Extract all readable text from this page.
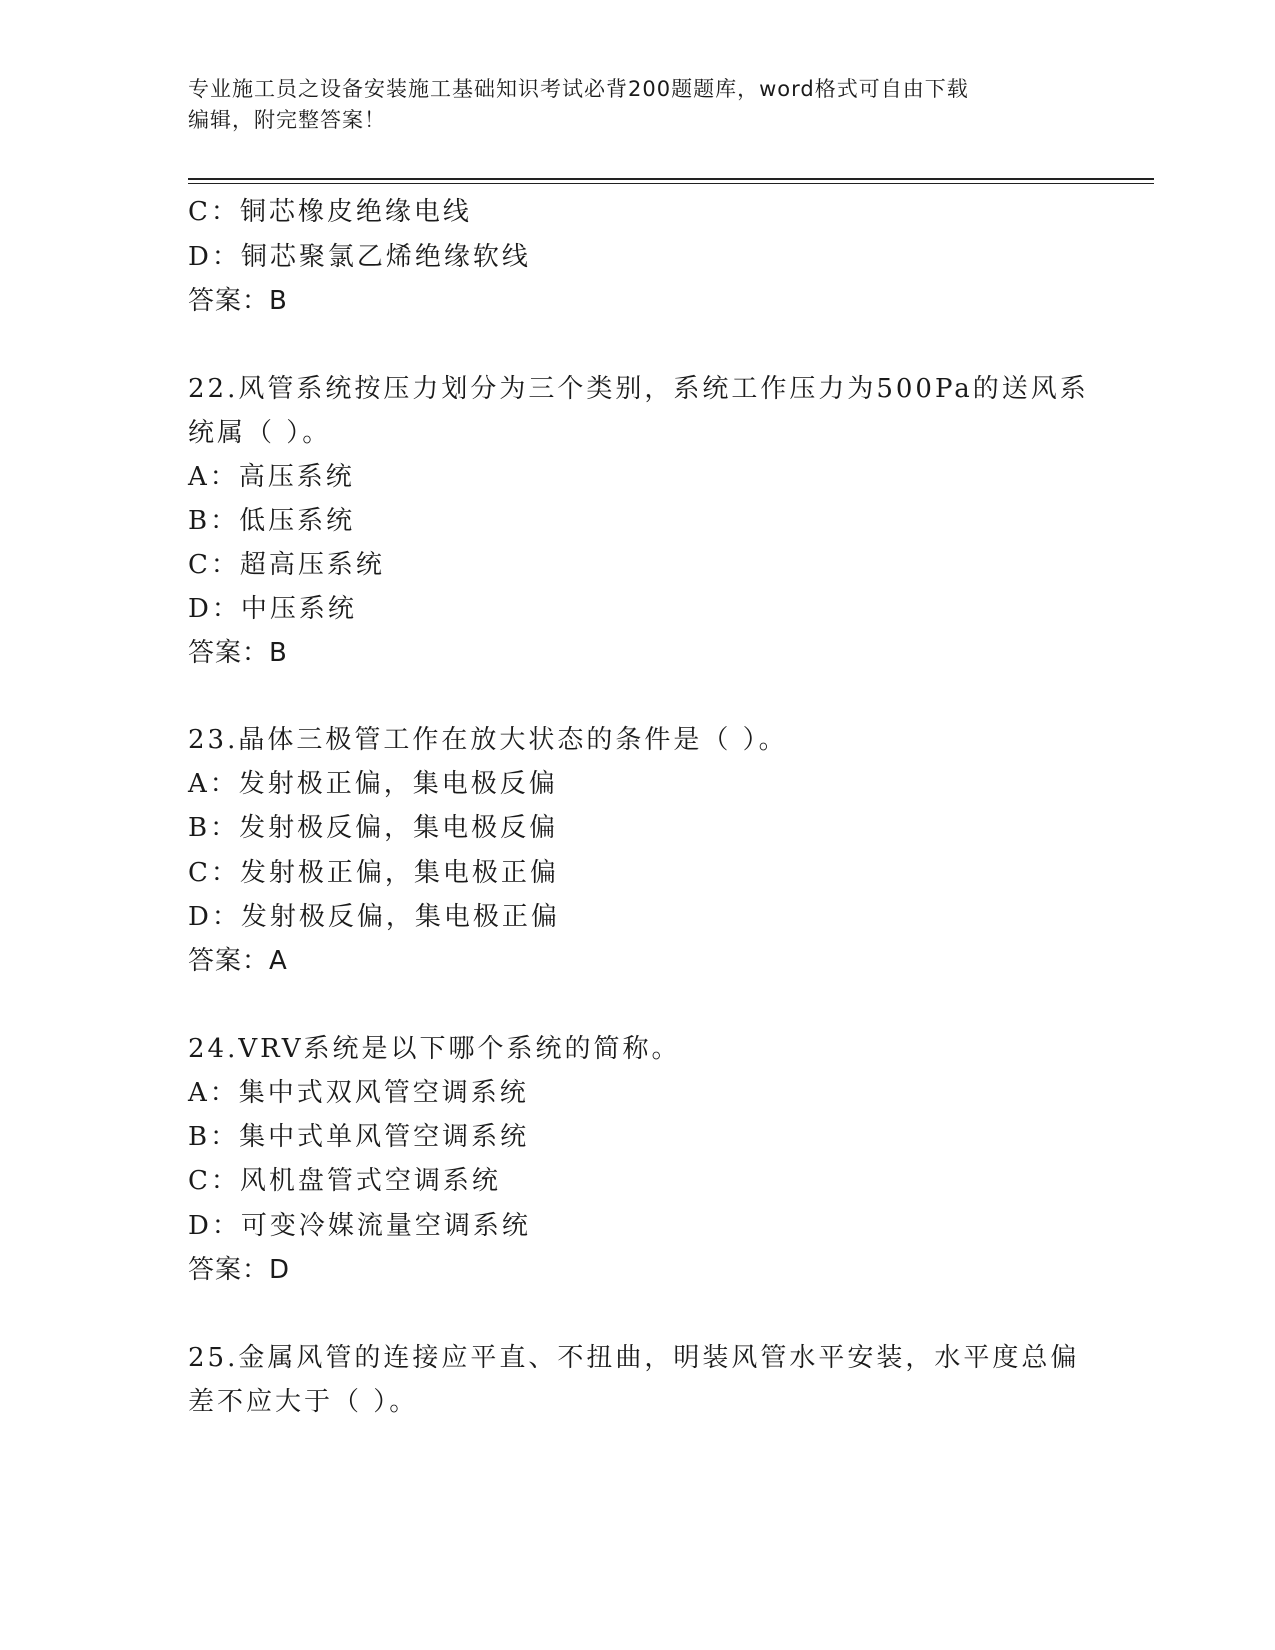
专业施工员之设备安装施工基础知识考试必背200题题库，word格式可自由下载
编辑，附完整答案！
C：铜芯橡皮绝缘电线
D：铜芯聚氯乙烯绝缘软线
答案：B
22.风管系统按压力划分为三个类别，系统工作压力为500Pa的送风系
统属（ ）。
A：高压系统
B：低压系统
C：超高压系统
D：中压系统
答案：B
23.晶体三极管工作在放大状态的条件是（ ）。
A：发射极正偏，集电极反偏
B：发射极反偏，集电极反偏
C：发射极正偏，集电极正偏
D：发射极反偏，集电极正偏
答案：A
24.VRV系统是以下哪个系统的简称。
A：集中式双风管空调系统
B：集中式单风管空调系统
C：风机盘管式空调系统
D：可变冷媒流量空调系统
答案：D
25.金属风管的连接应平直、不扭曲，明装风管水平安装，水平度总偏
差不应大于（ ）。
